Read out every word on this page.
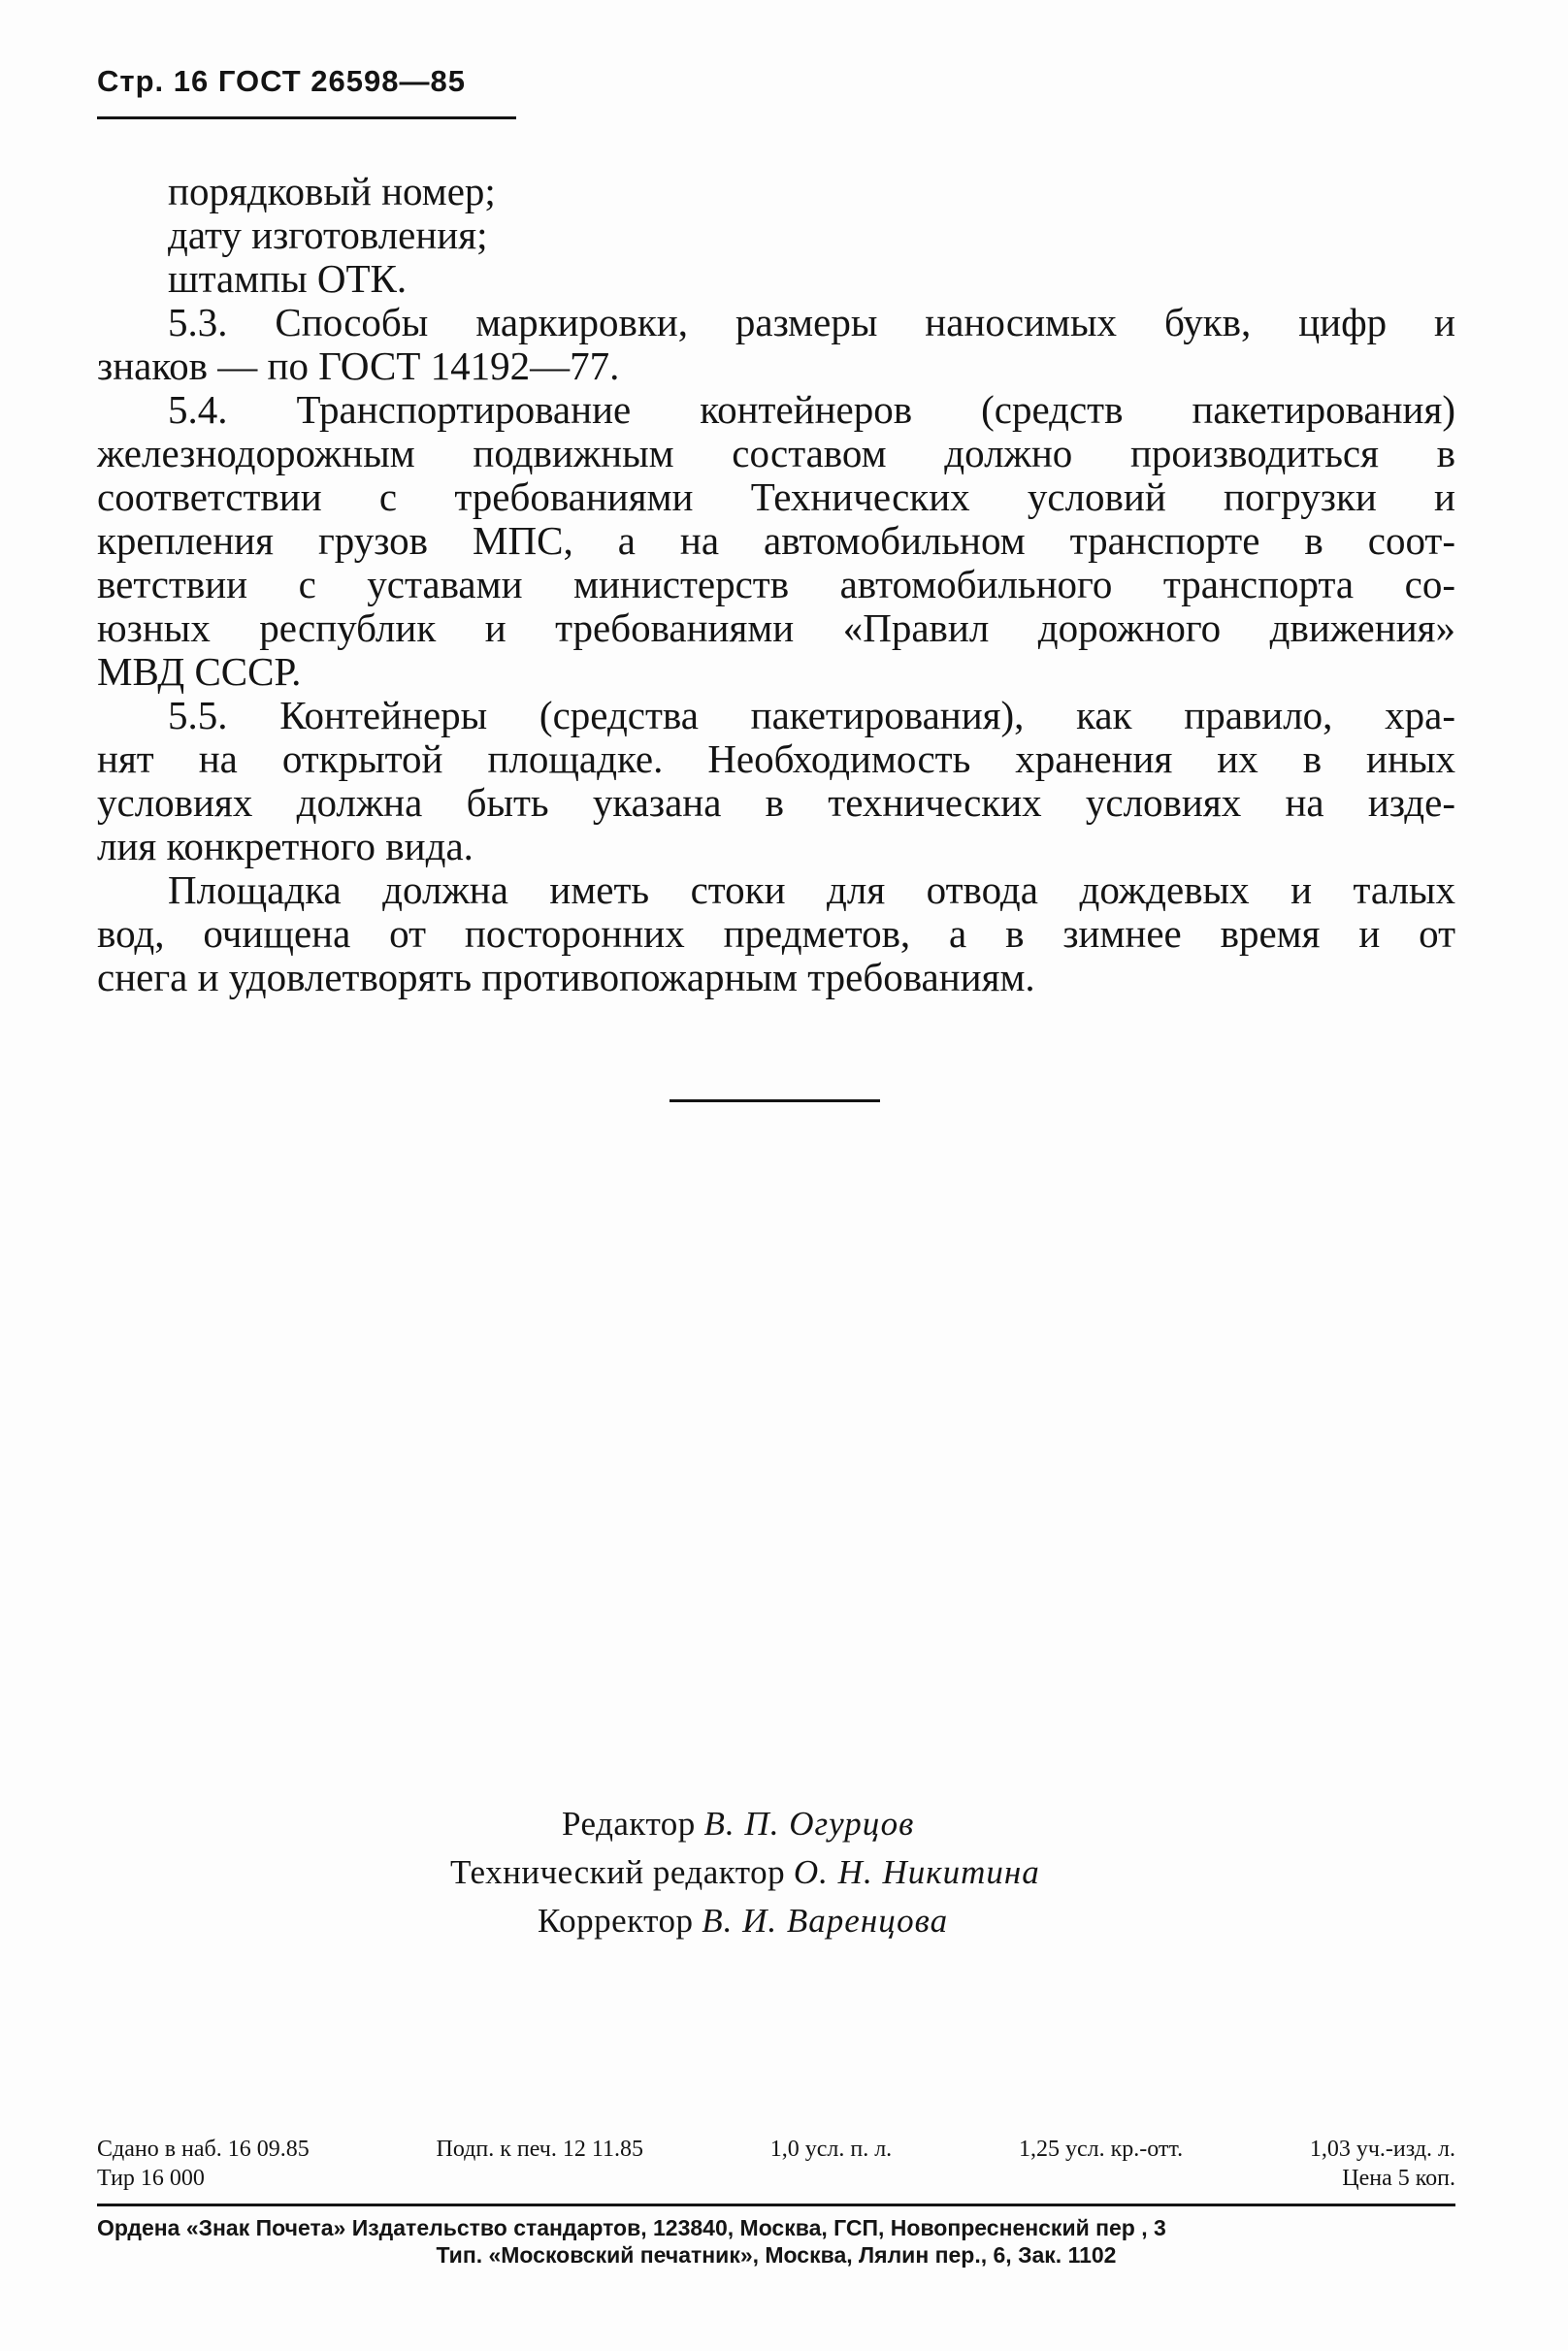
Стр. 16 ГОСТ 26598—85
порядковый номер;
дату изготовления;
штампы ОТК.
5.3. Способы маркировки, размеры наносимых букв, цифр и
знаков — по ГОСТ 14192—77.
5.4. Транспортирование контейнеров (средств пакетирования)
железнодорожным подвижным составом должно производиться в
соответствии с требованиями Технических условий погрузки и
крепления грузов МПС, а на автомобильном транспорте в соот-
ветствии с уставами министерств автомобильного транспорта со-
юзных республик и требованиями «Правил дорожного движения»
МВД СССР.
5.5. Контейнеры (средства пакетирования), как правило, хра-
нят на открытой площадке. Необходимость хранения их в иных
условиях должна быть указана в технических условиях на изде-
лия конкретного вида.
Площадка должна иметь стоки для отвода дождевых и талых
вод, очищена от посторонних предметов, а в зимнее время и от
снега и удовлетворять противопожарным требованиям.
Редактор В. П. Огурцов
Технический редактор О. Н. Никитина
Корректор В. И. Варенцова
Сдано в наб. 16 09.85	Подп. к печ. 12 11.85	1,0 усл. п. л.	1,25 усл. кр.-отт.	1,03 уч.-изд. л.
Тир 16 000	Цена 5 коп.
Ордена «Знак Почета» Издательство стандартов, 123840, Москва, ГСП, Новопресненский пер , 3
Тип. «Московский печатник», Москва, Лялин пер., 6, Зак. 1102
